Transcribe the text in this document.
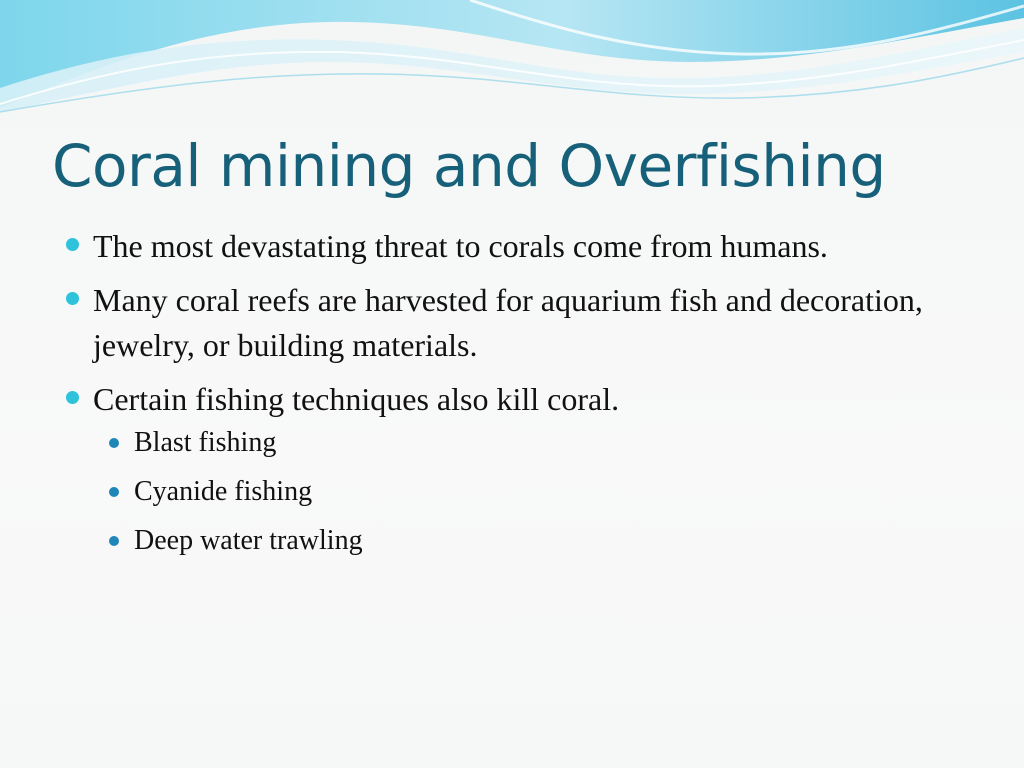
Coral mining and Overfishing
The most devastating threat to corals come from humans.
Many coral reefs are harvested for aquarium fish and decoration, jewelry, or building materials.
Certain fishing techniques also kill coral.
Blast fishing
Cyanide fishing
Deep water trawling
